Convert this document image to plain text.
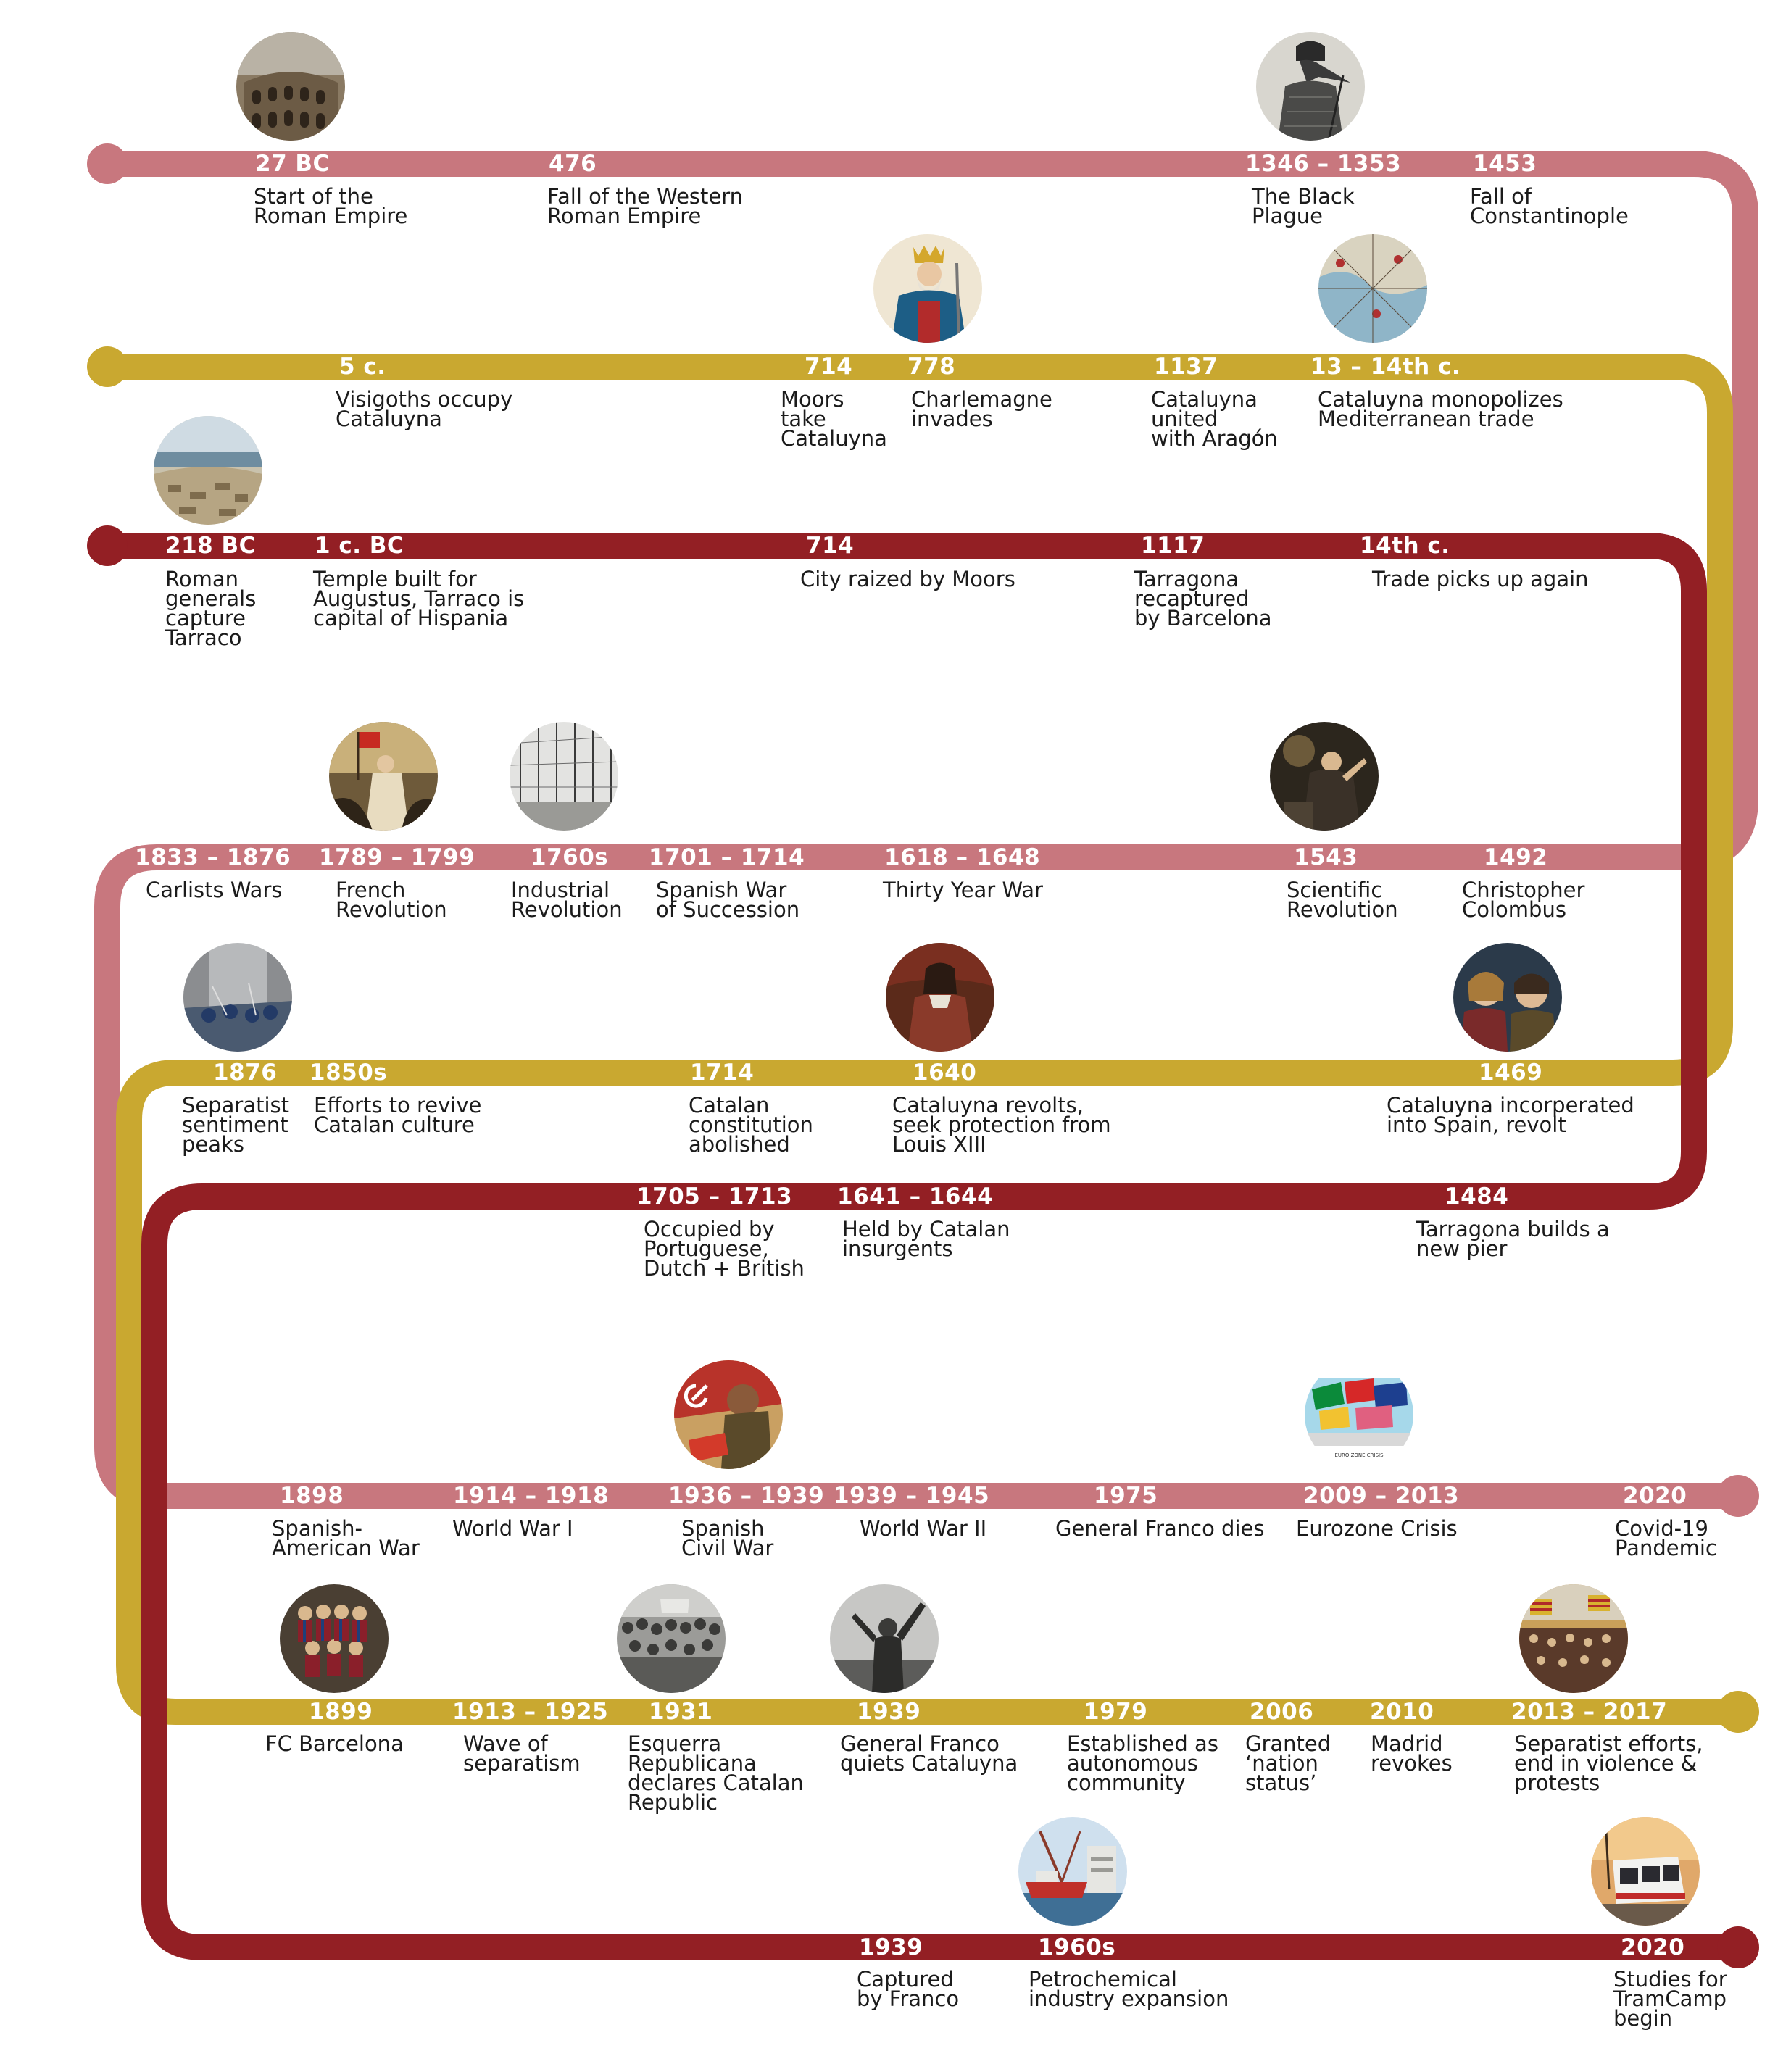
EURO ZONE CRISIS
27 BC
Start of the
Roman Empire
476
Fall of the Western
Roman Empire
1346 – 1353
The Black
Plague
1453
Fall of
Constantinople
5 c.
Visigoths occupy
Cataluyna
714
Moors
take
Cataluyna
778
Charlemagne
invades
1137
Cataluyna
united
with Aragón
13 – 14th c.
Cataluyna monopolizes
Mediterranean trade
218 BC
Roman
generals
capture
Tarraco
1 c. BC
Temple built for
Augustus, Tarraco is
capital of Hispania
714
City raized by Moors
1117
Tarragona
recaptured
by Barcelona
14th c.
Trade picks up again
1833 – 1876
Carlists Wars
1789 – 1799
French
Revolution
1760s
Industrial
Revolution
1701 – 1714
Spanish War
of Succession
1618 – 1648
Thirty Year War
1543
Scientific
Revolution
1492
Christopher
Colombus
1876
Separatist
sentiment
peaks
1850s
Efforts to revive
Catalan culture
1714
Catalan
constitution
abolished
1640
Cataluyna revolts,
seek protection from
Louis XIII
1469
Cataluyna incorperated
into Spain, revolt
1705 – 1713
Occupied by
Portuguese,
Dutch + British
1641 – 1644
Held by Catalan
insurgents
1484
Tarragona builds a
new pier
1898
Spanish-
American War
1914 – 1918
World War I
1936 – 1939
Spanish
Civil War
1939 – 1945
World War II
1975
General Franco dies
2009 – 2013
Eurozone Crisis
2020
Covid-19
Pandemic
1899
FC Barcelona
1913 – 1925
Wave of
separatism
1931
Esquerra
Republicana
declares Catalan
Republic
1939
General Franco
quiets Cataluyna
1979
Established as
autonomous
community
2006
Granted
‘nation
status’
2010
Madrid
revokes
2013 – 2017
Separatist efforts,
end in violence &
protests
1939
Captured
by Franco
1960s
Petrochemical
industry expansion
2020
Studies for
TramCamp
begin
